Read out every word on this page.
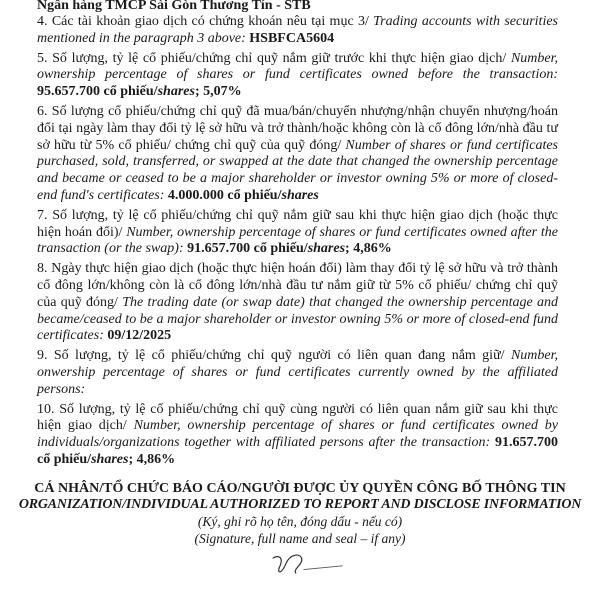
Ngân hàng TMCP Sài Gòn Thương Tín - STB

4. Các tài khoản giao dịch có chứng khoán nêu tại mục 3/ Trading accounts with securities mentioned in the paragraph 3 above: HSBFCA5604

5. Số lượng, tỷ lệ cổ phiếu/chứng chỉ quỹ nắm giữ trước khi thực hiện giao dịch/ Number, ownership percentage of shares or fund certificates owned before the transaction: 95.657.700 cổ phiếu/shares; 5,07%

6. Số lượng cổ phiếu/chứng chỉ quỹ đã mua/bán/chuyển nhượng/nhận chuyển nhượng/hoán đổi tại ngày làm thay đổi tỷ lệ sở hữu và trở thành/hoặc không còn là cổ đông lớn/nhà đầu tư sở hữu từ 5% cổ phiếu/ chứng chỉ quỹ của quỹ đóng/ Number of shares or fund certificates purchased, sold, transferred, or swapped at the date that changed the ownership percentage and became or ceased to be a major shareholder or investor owning 5% or more of closed-end fund's certificates: 4.000.000 cổ phiếu/shares

7. Số lượng, tỷ lệ cổ phiếu/chứng chỉ quỹ nắm giữ sau khi thực hiện giao dịch (hoặc thực hiện hoán đổi)/ Number, ownership percentage of shares or fund certificates owned after the transaction (or the swap): 91.657.700 cổ phiếu/shares; 4,86%

8. Ngày thực hiện giao dịch (hoặc thực hiện hoán đổi) làm thay đổi tỷ lệ sở hữu và trở thành cổ đông lớn/không còn là cổ đông lớn/nhà đầu tư nắm giữ từ 5% cổ phiếu/ chứng chỉ quỹ của quỹ đóng/ The trading date (or swap date) that changed the ownership percentage and became/ceased to be a major shareholder or investor owning 5% or more of closed-end fund certificates: 09/12/2025

9. Số lượng, tỷ lệ cổ phiếu/chứng chỉ quỹ người có liên quan đang nắm giữ/ Number, onwership percentage of shares or fund certificates currently owned by the affiliated persons:

10. Số lượng, tỷ lệ cổ phiếu/chứng chỉ quỹ cùng người có liên quan nắm giữ sau khi thực hiện giao dịch/ Number, ownership percentage of shares or fund certificates owned by individuals/organizations together with affiliated persons after the transaction: 91.657.700 cổ phiếu/shares; 4,86%

CÁ NHÂN/TỔ CHỨC BÁO CÁO/NGƯỜI ĐƯỢC ỦY QUYỀN CÔNG BỐ THÔNG TIN
ORGANIZATION/INDIVIDUAL AUTHORIZED TO REPORT AND DISCLOSE INFORMATION
(Ký, ghi rõ họ tên, đóng dấu - nếu có)
(Signature, full name and seal – if any)
